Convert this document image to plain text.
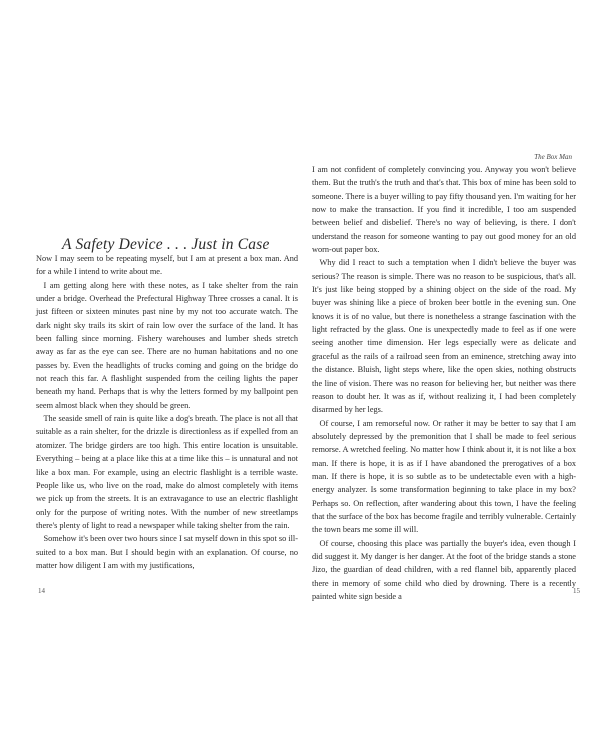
A Safety Device . . . Just in Case

Now I may seem to be repeating myself, but I am at present a box man. And for a while I intend to write about me.

I am getting along here with these notes, as I take shelter from the rain under a bridge. Overhead the Prefectural Highway Three crosses a canal. It is just fifteen or sixteen minutes past nine by my not too accurate watch. The dark night sky trails its skirt of rain low over the surface of the land. It has been falling since morning. Fishery warehouses and lumber sheds stretch away as far as the eye can see. There are no human habitations and no one passes by. Even the headlights of trucks coming and going on the bridge do not reach this far. A flashlight suspended from the ceiling lights the paper beneath my hand. Perhaps that is why the letters formed by my ballpoint pen seem almost black when they should be green.

The seaside smell of rain is quite like a dog's breath. The place is not all that suitable as a rain shelter, for the drizzle is directionless as if expelled from an atomizer. The bridge girders are too high. This entire location is unsuitable. Everything – being at a place like this at a time like this – is unnatural and not like a box man. For example, using an electric flashlight is a terrible waste. People like us, who live on the road, make do almost completely with items we pick up from the streets. It is an extravagance to use an electric flashlight only for the purpose of writing notes. With the number of new streetlamps there's plenty of light to read a newspaper while taking shelter from the rain.

Somehow it's been over two hours since I sat myself down in this spot so ill-suited to a box man. But I should begin with an explanation. Of course, no matter how diligent I am with my justifications,

14

The Box Man

I am not confident of completely convincing you. Anyway you won't believe them. But the truth's the truth and that's that. This box of mine has been sold to someone. There is a buyer willing to pay fifty thousand yen. I'm waiting for her now to make the transaction. If you find it incredible, I too am suspended between belief and disbelief. There's no way of believing, is there. I don't understand the reason for someone wanting to pay out good money for an old worn-out paper box.

Why did I react to such a temptation when I didn't believe the buyer was serious? The reason is simple. There was no reason to be suspicious, that's all. It's just like being stopped by a shining object on the side of the road. My buyer was shining like a piece of broken beer bottle in the evening sun. One knows it is of no value, but there is nonetheless a strange fascination with the light refracted by the glass. One is unexpectedly made to feel as if one were seeing another time dimension. Her legs especially were as delicate and graceful as the rails of a railroad seen from an eminence, stretching away into the distance. Bluish, light steps where, like the open skies, nothing obstructs the line of vision. There was no reason for believing her, but neither was there reason to doubt her. It was as if, without realizing it, I had been completely disarmed by her legs.

Of course, I am remorseful now. Or rather it may be better to say that I am absolutely depressed by the premonition that I shall be made to feel serious remorse. A wretched feeling. No matter how I think about it, it is not like a box man. If there is hope, it is as if I have abandoned the prerogatives of a box man. If there is hope, it is so subtle as to be undetectable even with a high-energy analyzer. Is some transformation beginning to take place in my box? Perhaps so. On reflection, after wandering about this town, I have the feeling that the surface of the box has become fragile and terribly vulnerable. Certainly the town bears me some ill will.

Of course, choosing this place was partially the buyer's idea, even though I did suggest it. My danger is her danger. At the foot of the bridge stands a stone Jizo, the guardian of dead children, with a red flannel bib, apparently placed there in memory of some child who died by drowning. There is a recently painted white sign beside a

15
